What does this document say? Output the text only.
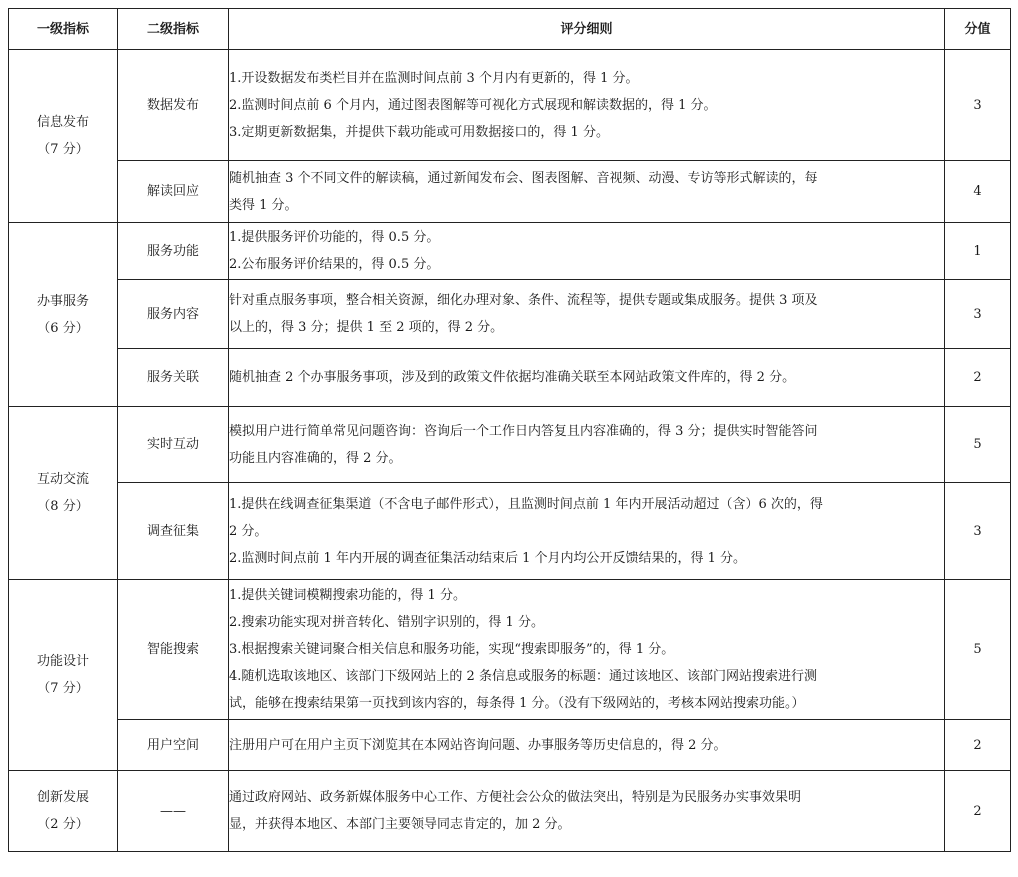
一级指标	二级指标	评分细则	分值

信息发布
（7 分）	数据发布	1.开设数据发布类栏目并在监测时间点前 3 个月内有更新的，得 1 分。
2.监测时间点前 6 个月内，通过图表图解等可视化方式展现和解读数据的，得 1 分。
3.定期更新数据集，并提供下载功能或可用数据接口的，得 1 分。	3
	解读回应	随机抽查 3 个不同文件的解读稿，通过新闻发布会、图表图解、音视频、动漫、专访等形式解读的，每
类得 1 分。	4

办事服务
（6 分）	服务功能	1.提供服务评价功能的，得 0.5 分。
2.公布服务评价结果的，得 0.5 分。	1
	服务内容	针对重点服务事项，整合相关资源，细化办理对象、条件、流程等，提供专题或集成服务。提供 3 项及
以上的，得 3 分；提供 1 至 2 项的，得 2 分。	3
	服务关联	随机抽查 2 个办事服务事项，涉及到的政策文件依据均准确关联至本网站政策文件库的，得 2 分。	2

互动交流
（8 分）	实时互动	模拟用户进行简单常见问题咨询：咨询后一个工作日内答复且内容准确的，得 3 分；提供实时智能答问
功能且内容准确的，得 2 分。	5
	调查征集	1.提供在线调查征集渠道（不含电子邮件形式），且监测时间点前 1 年内开展活动超过（含）6 次的，得
2 分。
2.监测时间点前 1 年内开展的调查征集活动结束后 1 个月内均公开反馈结果的，得 1 分。	3

功能设计
（7 分）	智能搜索	1.提供关键词模糊搜索功能的，得 1 分。
2.搜索功能实现对拼音转化、错别字识别的，得 1 分。
3.根据搜索关键词聚合相关信息和服务功能，实现“搜索即服务”的，得 1 分。
4.随机选取该地区、该部门下级网站上的 2 条信息或服务的标题：通过该地区、该部门网站搜索进行测
试，能够在搜索结果第一页找到该内容的，每条得 1 分。（没有下级网站的，考核本网站搜索功能。）	5
	用户空间	注册用户可在用户主页下浏览其在本网站咨询问题、办事服务等历史信息的，得 2 分。	2

创新发展
（2 分）	——	通过政府网站、政务新媒体服务中心工作、方便社会公众的做法突出，特别是为民服务办实事效果明
显，并获得本地区、本部门主要领导同志肯定的，加 2 分。	2
